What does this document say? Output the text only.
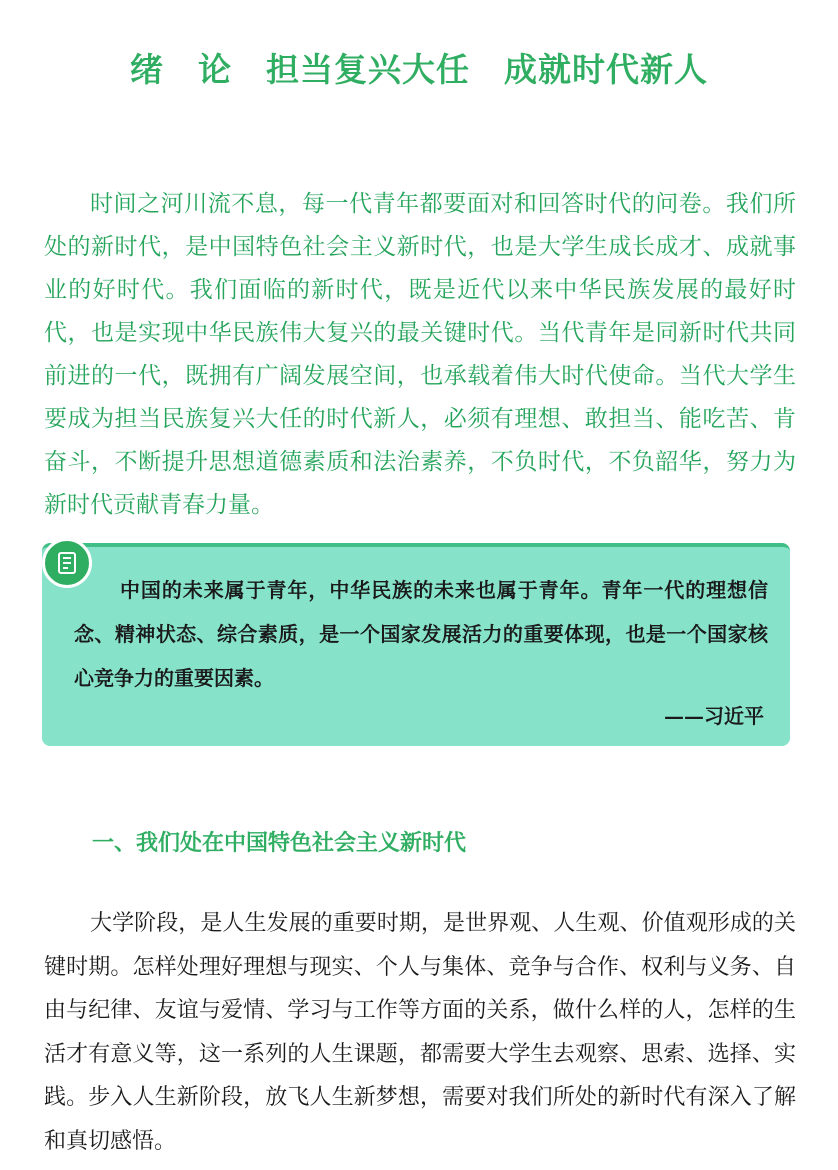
绪　论　担当复兴大任　成就时代新人

时间之河川流不息，每一代青年都要面对和回答时代的问卷。我们所处的新时代，是中国特色社会主义新时代，也是大学生成长成才、成就事业的好时代。我们面临的新时代，既是近代以来中华民族发展的最好时代，也是实现中华民族伟大复兴的最关键时代。当代青年是同新时代共同前进的一代，既拥有广阔发展空间，也承载着伟大时代使命。当代大学生要成为担当民族复兴大任的时代新人，必须有理想、敢担当、能吃苦、肯奋斗，不断提升思想道德素质和法治素养，不负时代，不负韶华，努力为新时代贡献青春力量。

中国的未来属于青年，中华民族的未来也属于青年。青年一代的理想信念、精神状态、综合素质，是一个国家发展活力的重要体现，也是一个国家核心竞争力的重要因素。

——习近平

一、我们处在中国特色社会主义新时代

大学阶段，是人生发展的重要时期，是世界观、人生观、价值观形成的关键时期。怎样处理好理想与现实、个人与集体、竞争与合作、权利与义务、自由与纪律、友谊与爱情、学习与工作等方面的关系，做什么样的人，怎样的生活才有意义等，这一系列的人生课题，都需要大学生去观察、思索、选择、实践。步入人生新阶段，放飞人生新梦想，需要对我们所处的新时代有深入了解和真切感悟。
